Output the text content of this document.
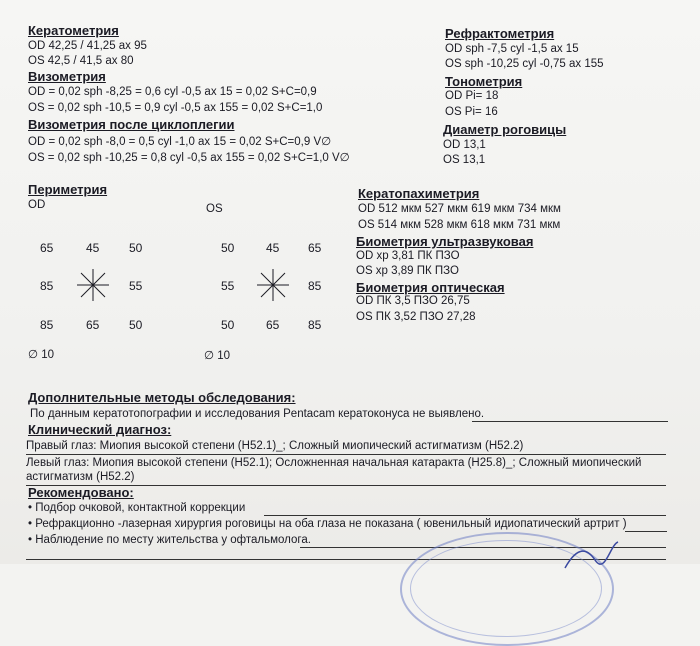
Кератометрия
OD 42,25 / 41,25 ax 95
OS 42,5 / 41,5 ax 80
Визометрия
OD = 0,02 sph -8,25 = 0,6 cyl -0,5 ax 15 = 0,02 S+C=0,9
OS = 0,02 sph -10,5 = 0,9 cyl -0,5 ax 155 = 0,02 S+C=1,0
Визометрия после циклоплегии
OD = 0,02 sph -8,0 = 0,5 cyl -1,0 ax 15 = 0,02 S+C=0,9 V∅
OS = 0,02 sph -10,25 = 0,8 cyl -0,5 ax 155 = 0,02 S+C=1,0 V∅
Рефрактометрия
OD sph -7,5 cyl -1,5 ax 15
OS sph -10,25 cyl -0,75 ax 155
Тонометрия
OD Pi= 18
OS Pi= 16
Диаметр роговицы
OD 13,1
OS 13,1
Периметрия
OD	OS
65	45 50
85	55
85	65 50
∅ 10
50	45 65
55	85
50	65 85
∅ 10
Кератопахиметрия
OD 512 мкм 527 мкм 619 мкм 734 мкм
OS 514 мкм 528 мкм 618 мкм 731 мкм
Биометрия ультразвуковая
OD хр 3,81 ПК ПЗО
OS хр 3,89 ПК ПЗО
Биометрия оптическая
OD ПК 3,5 ПЗО 26,75
OS ПК 3,52 ПЗО 27,28
Дополнительные методы обследования:
По данным кератотопографии и исследования Pentacam кератоконуса не выявлено.
Клинический диагноз:
Правый глаз: Миопия высокой степени (H52.1)_; Сложный миопический астигматизм (H52.2)
Левый глаз: Миопия высокой степени (H52.1); Осложненная начальная катаракта (H25.8)_; Сложный миопический
астигматизм (H52.2)
Рекомендовано:
• Подбор очковой, контактной коррекции
• Рефракционно -лазерная хирургия роговицы на оба глаза не показана ( ювенильный идиопатический артрит )
• Наблюдение по месту жительства у офтальмолога.
